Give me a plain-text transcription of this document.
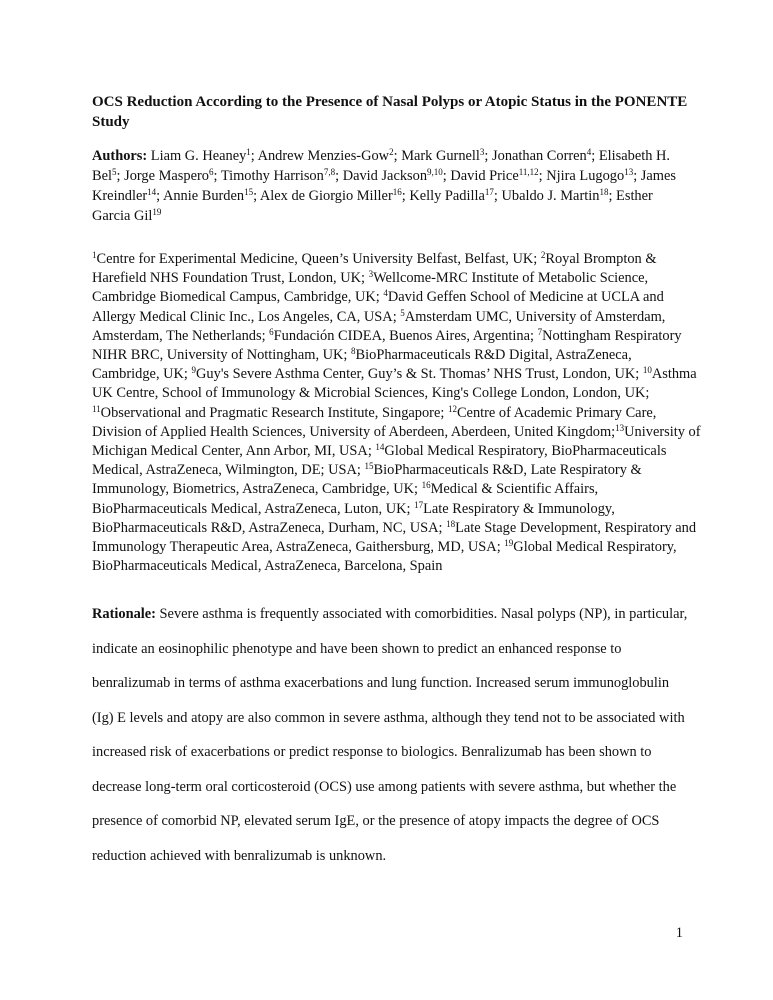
OCS Reduction According to the Presence of Nasal Polyps or Atopic Status in the PONENTE Study

Authors: Liam G. Heaney$^1$; Andrew Menzies-Gow$^2$; Mark Gurnell$^3$; Jonathan Corren$^4$; Elisabeth H. Bel$^5$; Jorge Maspero$^6$; Timothy Harrison$^{7,8}$; David Jackson$^{9,10}$; David Price$^{11,12}$; Njira Lugogo$^{13}$; James Kreindler$^{14}$; Annie Burden$^{15}$; Alex de Giorgio Miller$^{16}$; Kelly Padilla$^{17}$; Ubaldo J. Martin$^{18}$; Esther Garcia Gil$^{19}$

$^1$Centre for Experimental Medicine, Queen’s University Belfast, Belfast, UK; $^2$Royal Brompton & Harefield NHS Foundation Trust, London, UK; $^3$Wellcome-MRC Institute of Metabolic Science, Cambridge Biomedical Campus, Cambridge, UK; $^4$David Geffen School of Medicine at UCLA and Allergy Medical Clinic Inc., Los Angeles, CA, USA; $^5$Amsterdam UMC, University of Amsterdam, Amsterdam, The Netherlands; $^6$Fundación CIDEA, Buenos Aires, Argentina; $^7$Nottingham Respiratory NIHR BRC, University of Nottingham, UK; $^8$BioPharmaceuticals R&D Digital, AstraZeneca, Cambridge, UK; $^9$Guy's Severe Asthma Center, Guy’s & St. Thomas’ NHS Trust, London, UK; $^{10}$Asthma UK Centre, School of Immunology & Microbial Sciences, King's College London, London, UK; $^{11}$Observational and Pragmatic Research Institute, Singapore; $^{12}$Centre of Academic Primary Care, Division of Applied Health Sciences, University of Aberdeen, Aberdeen, United Kingdom;$^{13}$University of Michigan Medical Center, Ann Arbor, MI, USA; $^{14}$Global Medical Respiratory, BioPharmaceuticals Medical, AstraZeneca, Wilmington, DE; USA; $^{15}$BioPharmaceuticals R&D, Late Respiratory & Immunology, Biometrics, AstraZeneca, Cambridge, UK; $^{16}$Medical & Scientific Affairs, BioPharmaceuticals Medical, AstraZeneca, Luton, UK; $^{17}$Late Respiratory & Immunology, BioPharmaceuticals R&D, AstraZeneca, Durham, NC, USA; $^{18}$Late Stage Development, Respiratory and Immunology Therapeutic Area, AstraZeneca, Gaithersburg, MD, USA; $^{19}$Global Medical Respiratory, BioPharmaceuticals Medical, AstraZeneca, Barcelona, Spain

Rationale: Severe asthma is frequently associated with comorbidities. Nasal polyps (NP), in particular, indicate an eosinophilic phenotype and have been shown to predict an enhanced response to benralizumab in terms of asthma exacerbations and lung function. Increased serum immunoglobulin (Ig) E levels and atopy are also common in severe asthma, although they tend not to be associated with increased risk of exacerbations or predict response to biologics. Benralizumab has been shown to decrease long-term oral corticosteroid (OCS) use among patients with severe asthma, but whether the presence of comorbid NP, elevated serum IgE, or the presence of atopy impacts the degree of OCS reduction achieved with benralizumab is unknown.

1
